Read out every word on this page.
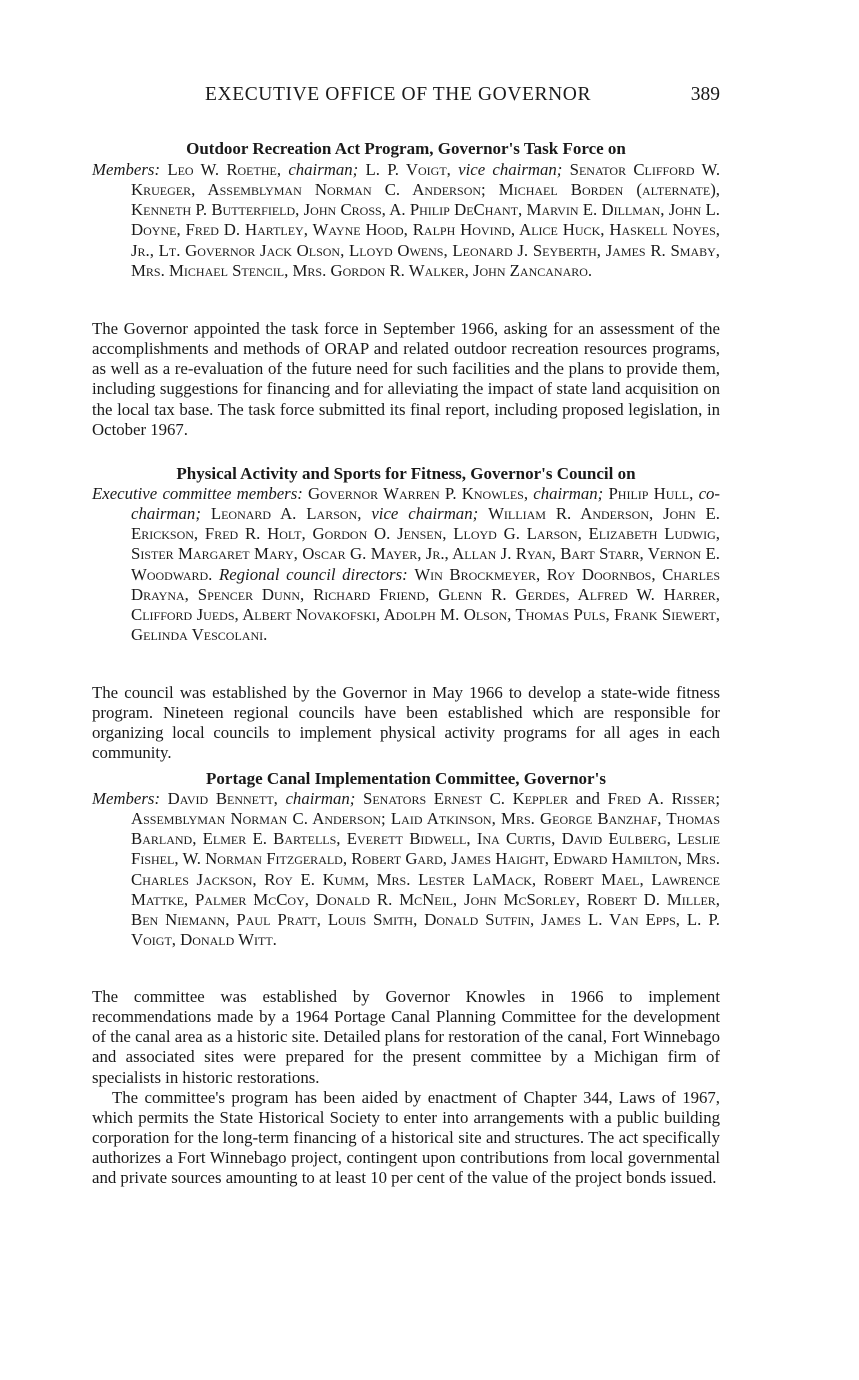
EXECUTIVE OFFICE OF THE GOVERNOR	389
Outdoor Recreation Act Program, Governor's Task Force on

Members: Leo W. Roethe, chairman; L. P. Voigt, vice chairman; Senator Clifford W. Krueger, Assemblyman Norman C. Anderson; Michael Borden (alternate), Kenneth P. Butterfield, John Cross, A. Philip DeChant, Marvin E. Dillman, John L. Doyne, Fred D. Hartley, Wayne Hood, Ralph Hovind, Alice Huck, Haskell Noyes, Jr., Lt. Governor Jack Olson, Lloyd Owens, Leonard J. Seyberth, James R. Smaby, Mrs. Michael Stencil, Mrs. Gordon R. Walker, John Zancanaro.

The Governor appointed the task force in September 1966, asking for an assessment of the accomplishments and methods of ORAP and related outdoor recreation resources programs, as well as a re-evaluation of the future need for such facilities and the plans to provide them, including suggestions for financing and for alleviating the impact of state land acquisition on the local tax base. The task force submitted its final report, including proposed legislation, in October 1967.

Physical Activity and Sports for Fitness, Governor's Council on

Executive committee members: Governor Warren P. Knowles, chairman; Philip Hull, co-chairman; Leonard A. Larson, vice chairman; William R. Anderson, John E. Erickson, Fred R. Holt, Gordon O. Jensen, Lloyd G. Larson, Elizabeth Ludwig, Sister Margaret Mary, Oscar G. Mayer, Jr., Allan J. Ryan, Bart Starr, Vernon E. Woodward. Regional council directors: Win Brockmeyer, Roy Doornbos, Charles Drayna, Spencer Dunn, Richard Friend, Glenn R. Gerdes, Alfred W. Harrer, Clifford Jueds, Albert Novakofski, Adolph M. Olson, Thomas Puls, Frank Siewert, Gelinda Vescolani.

The council was established by the Governor in May 1966 to develop a state-wide fitness program. Nineteen regional councils have been established which are responsible for organizing local councils to implement physical activity programs for all ages in each community.

Portage Canal Implementation Committee, Governor's

Members: David Bennett, chairman; Senators Ernest C. Keppler and Fred A. Risser; Assemblyman Norman C. Anderson; Laid Atkinson, Mrs. George Banzhaf, Thomas Barland, Elmer E. Bartells, Everett Bidwell, Ina Curtis, David Eulberg, Leslie Fishel, W. Norman Fitzgerald, Robert Gard, James Haight, Edward Hamilton, Mrs. Charles Jackson, Roy E. Kumm, Mrs. Lester LaMack, Robert Mael, Lawrence Mattke, Palmer McCoy, Donald R. McNeil, John McSorley, Robert D. Miller, Ben Niemann, Paul Pratt, Louis Smith, Donald Sutfin, James L. Van Epps, L. P. Voigt, Donald Witt.

The committee was established by Governor Knowles in 1966 to implement recommendations made by a 1964 Portage Canal Planning Committee for the development of the canal area as a historic site. Detailed plans for restoration of the canal, Fort Winnebago and associated sites were prepared for the present committee by a Michigan firm of specialists in historic restorations.

The committee's program has been aided by enactment of Chapter 344, Laws of 1967, which permits the State Historical Society to enter into arrangements with a public building corporation for the long-term financing of a historical site and structures. The act specifically authorizes a Fort Winnebago project, contingent upon contributions from local governmental and private sources amounting to at least 10 per cent of the value of the project bonds issued.
